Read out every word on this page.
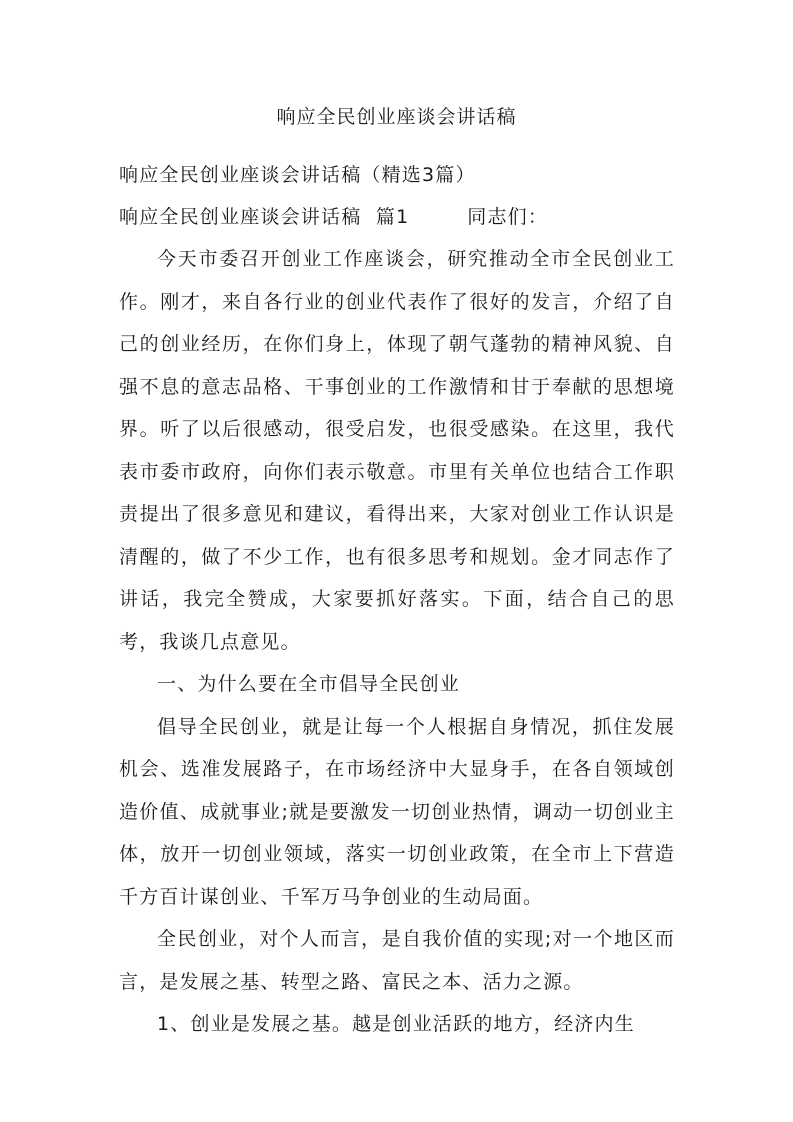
响应全民创业座谈会讲话稿
响应全民创业座谈会讲话稿（精选3篇）
响应全民创业座谈会讲话稿  篇1        同志们：

今天市委召开创业工作座谈会，研究推动全市全民创业工作。刚才，来自各行业的创业代表作了很好的发言，介绍了自己的创业经历，在你们身上，体现了朝气蓬勃的精神风貌、自强不息的意志品格、干事创业的工作激情和甘于奉献的思想境界。听了以后很感动，很受启发，也很受感染。在这里，我代表市委市政府，向你们表示敬意。市里有关单位也结合工作职责提出了很多意见和建议，看得出来，大家对创业工作认识是清醒的，做了不少工作，也有很多思考和规划。金才同志作了讲话，我完全赞成，大家要抓好落实。下面，结合自己的思考，我谈几点意见。

一、为什么要在全市倡导全民创业

倡导全民创业，就是让每一个人根据自身情况，抓住发展机会、选准发展路子，在市场经济中大显身手，在各自领域创造价值、成就事业;就是要激发一切创业热情，调动一切创业主体，放开一切创业领域，落实一切创业政策，在全市上下营造千方百计谋创业、千军万马争创业的生动局面。

全民创业，对个人而言，是自我价值的实现;对一个地区而言，是发展之基、转型之路、富民之本、活力之源。

1、创业是发展之基。越是创业活跃的地方，经济内生
